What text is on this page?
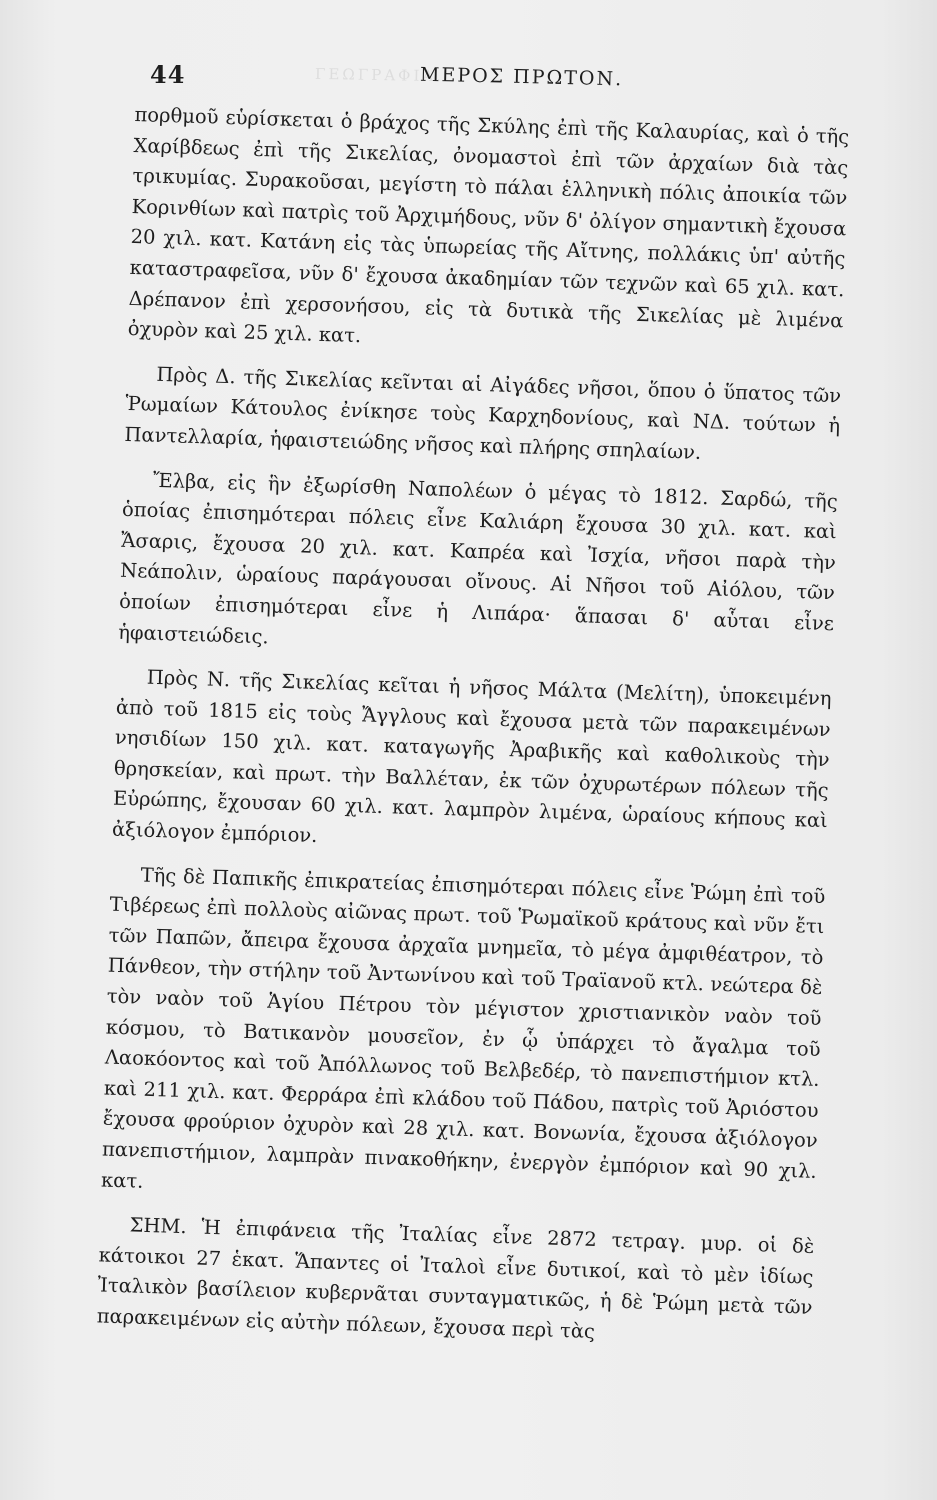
44	ΜΕΡΟΣ ΠΡΩΤΟΝ.
ΓΕΩΓΡΑΦΙΑ.

πορθμοῦ εὑρίσκεται ὁ βράχος τῆς Σκύλης ἐπὶ τῆς Καλαυρίας, καὶ ὁ τῆς Χαρίβδεως ἐπὶ τῆς Σικελίας, ὀνομαστοὶ ἐπὶ τῶν ἀρχαίων διὰ τὰς τρικυμίας. Συρακοῦσαι, μεγίστη τὸ πάλαι ἑλληνικὴ πόλις ἀποικία τῶν Κορινθίων καὶ πατρὶς τοῦ Ἀρχιμήδους, νῦν δ' ὀλίγον σημαντικὴ ἔχουσα 20 χιλ. κατ. Κατάνη εἰς τὰς ὑπωρείας τῆς Αἴτνης, πολλάκις ὑπ' αὐτῆς καταστραφεῖσα, νῦν δ' ἔχουσα ἀκαδημίαν τῶν τεχνῶν καὶ 65 χιλ. κατ. Δρέπανον ἐπὶ χερσονήσου, εἰς τὰ δυτικὰ τῆς Σικελίας μὲ λιμένα ὀχυρὸν καὶ 25 χιλ. κατ.

Πρὸς Δ. τῆς Σικελίας κεῖνται αἱ Αἰγάδες νῆσοι, ὅπου ὁ ὕπατος τῶν Ῥωμαίων Κάτουλος ἐνίκησε τοὺς Καρχηδονίους, καὶ ΝΔ. τούτων ἡ Παντελλαρία, ἡφαιστειώδης νῆσος καὶ πλήρης σπηλαίων.

Ἔλβα, εἰς ἣν ἐξωρίσθη Ναπολέων ὁ μέγας τὸ 1812. Σαρδώ, τῆς ὁποίας ἐπισημότεραι πόλεις εἶνε Καλιάρη ἔχουσα 30 χιλ. κατ. καὶ Ἄσαρις, ἔχουσα 20 χιλ. κατ. Καπρέα καὶ Ἰσχία, νῆσοι παρὰ τὴν Νεάπολιν, ὡραίους παράγουσαι οἴνους. Αἱ Νῆσοι τοῦ Αἰόλου, τῶν ὁποίων ἐπισημότεραι εἶνε ἡ Λιπάρα· ἅπασαι δ' αὗται εἶνε ἡφαιστειώδεις.

Πρὸς Ν. τῆς Σικελίας κεῖται ἡ νῆσος Μάλτα (Μελίτη), ὑποκειμένη ἀπὸ τοῦ 1815 εἰς τοὺς Ἄγγλους καὶ ἔχουσα μετὰ τῶν παρακειμένων νησιδίων 150 χιλ. κατ. καταγωγῆς Ἀραβικῆς καὶ καθολικοὺς τὴν θρησκείαν, καὶ πρωτ. τὴν Βαλλέταν, ἐκ τῶν ὀχυρωτέρων πόλεων τῆς Εὐρώπης, ἔχουσαν 60 χιλ. κατ. λαμπρὸν λιμένα, ὡραίους κήπους καὶ ἀξιόλογον ἐμπόριον.

Τῆς δὲ Παπικῆς ἐπικρατείας ἐπισημότεραι πόλεις εἶνε Ῥώμη ἐπὶ τοῦ Τιβέρεως ἐπὶ πολλοὺς αἰῶνας πρωτ. τοῦ Ῥωμαϊκοῦ κράτους καὶ νῦν ἔτι τῶν Παπῶν, ἄπειρα ἔχουσα ἀρχαῖα μνημεῖα, τὸ μέγα ἀμφιθέατρον, τὸ Πάνθεον, τὴν στήλην τοῦ Ἀντωνίνου καὶ τοῦ Τραϊανοῦ κτλ. νεώτερα δὲ τὸν ναὸν τοῦ Ἁγίου Πέτρου τὸν μέγιστον χριστιανικὸν ναὸν τοῦ κόσμου, τὸ Βατικανὸν μουσεῖον, ἐν ᾧ ὑπάρχει τὸ ἄγαλμα τοῦ Λαοκόοντος καὶ τοῦ Ἀπόλλωνος τοῦ Βελβεδέρ, τὸ πανεπιστήμιον κτλ. καὶ 211 χιλ. κατ. Φερράρα ἐπὶ κλάδου τοῦ Πάδου, πατρὶς τοῦ Ἀριόστου ἔχουσα φρούριον ὀχυρὸν καὶ 28 χιλ. κατ. Βονωνία, ἔχουσα ἀξιόλογον πανεπιστήμιον, λαμπρὰν πινακοθήκην, ἐνεργὸν ἐμπόριον καὶ 90 χιλ. κατ.

ΣΗΜ. Ἡ ἐπιφάνεια τῆς Ἰταλίας εἶνε 2872 τετραγ. μυρ. οἱ δὲ κάτοικοι 27 ἑκατ. Ἅπαντες οἱ Ἰταλοὶ εἶνε δυτικοί, καὶ τὸ μὲν ἰδίως Ἰταλικὸν βασίλειον κυβερνᾶται συνταγματικῶς, ἡ δὲ Ῥώμη μετὰ τῶν παρακειμένων εἰς αὐτὴν πόλεων, ἔχουσα περὶ τὰς
